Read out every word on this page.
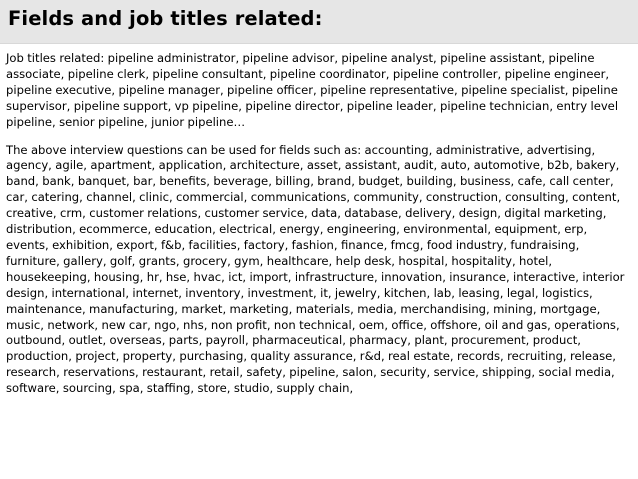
Fields and job titles related:

Job titles related: pipeline administrator, pipeline advisor, pipeline analyst, pipeline assistant, pipeline associate, pipeline clerk, pipeline consultant, pipeline coordinator, pipeline controller, pipeline engineer, pipeline executive, pipeline manager, pipeline officer, pipeline representative, pipeline specialist, pipeline supervisor, pipeline support, vp pipeline, pipeline director, pipeline leader, pipeline technician, entry level pipeline, senior pipeline, junior pipeline…

The above interview questions can be used for fields such as: accounting, administrative, advertising, agency, agile, apartment, application, architecture, asset, assistant, audit, auto, automotive, b2b, bakery, band, bank, banquet, bar, benefits, beverage, billing, brand, budget, building, business, cafe, call center, car, catering, channel, clinic, commercial, communications, community, construction, consulting, content, creative, crm, customer relations, customer service, data, database, delivery, design, digital marketing, distribution, ecommerce, education, electrical, energy, engineering, environmental, equipment, erp, events, exhibition, export, f&b, facilities, factory, fashion, finance, fmcg, food industry, fundraising, furniture, gallery, golf, grants, grocery, gym, healthcare, help desk, hospital, hospitality, hotel, housekeeping, housing, hr, hse, hvac, ict, import, infrastructure, innovation, insurance, interactive, interior design, international, internet, inventory, investment, it, jewelry, kitchen, lab, leasing, legal, logistics, maintenance, manufacturing, market, marketing, materials, media, merchandising, mining, mortgage, music, network, new car, ngo, nhs, non profit, non technical, oem, office, offshore, oil and gas, operations, outbound, outlet, overseas, parts, payroll, pharmaceutical, pharmacy, plant, procurement, product, production, project, property, purchasing, quality assurance, r&d, real estate, records, recruiting, release, research, reservations, restaurant, retail, safety, pipeline, salon, security, service, shipping, social media, software, sourcing, spa, staffing, store, studio, supply chain,
